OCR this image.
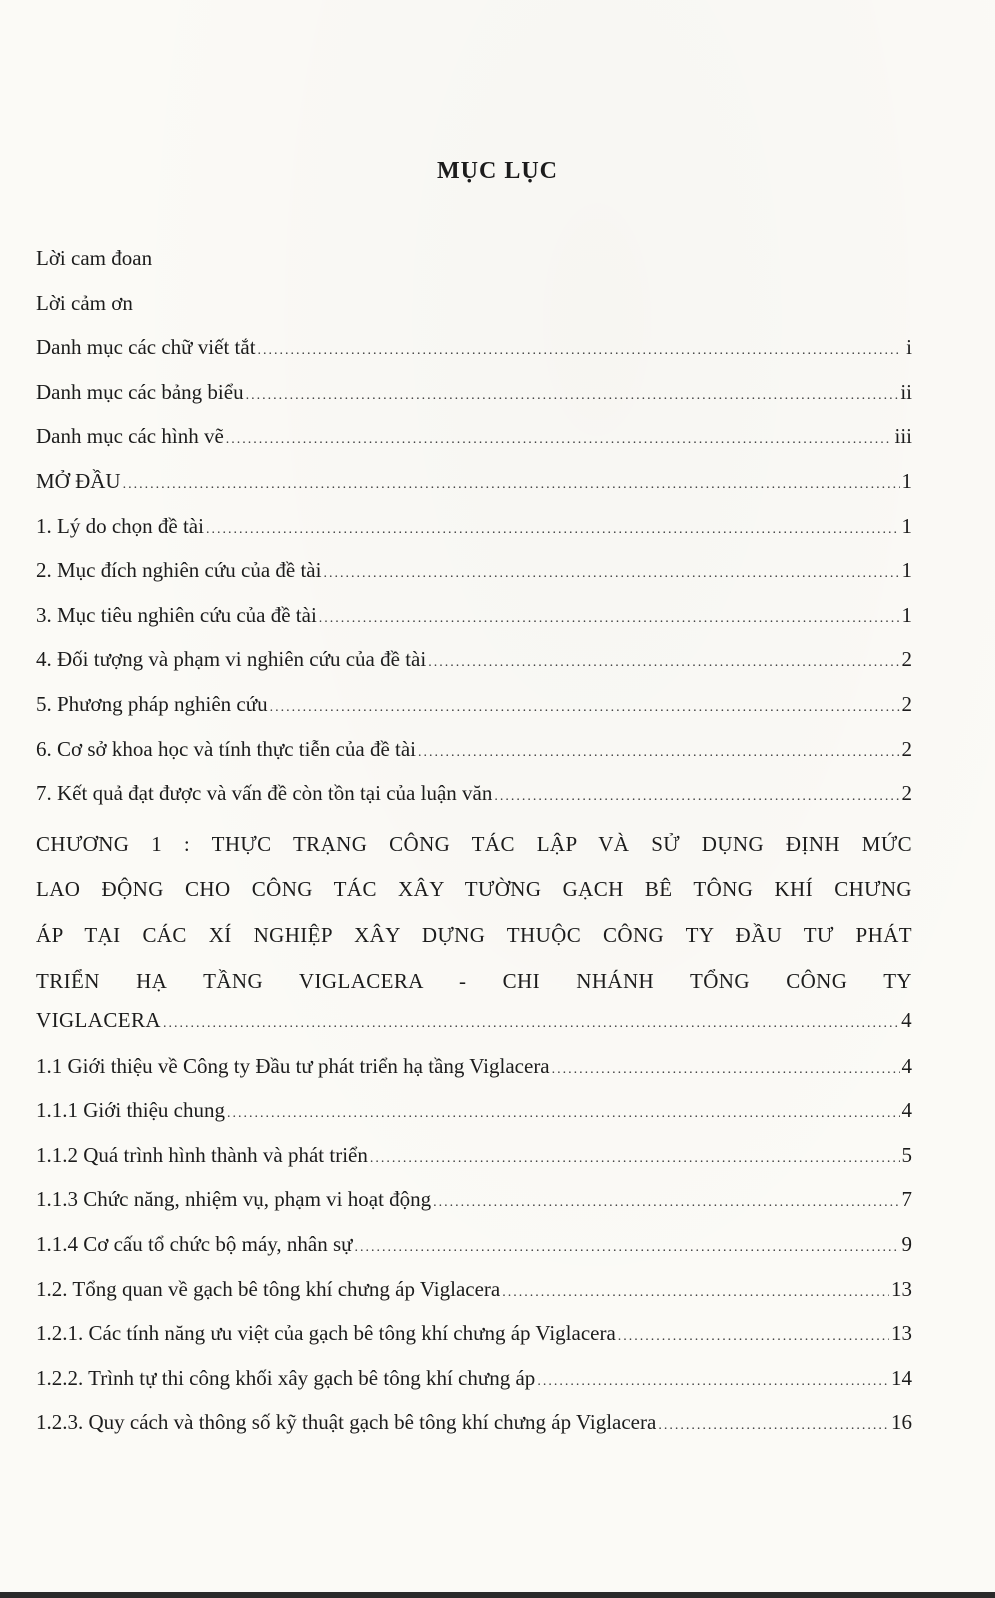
MỤC LỤC
Lời cam đoan
Lời cảm ơn
Danh mục các chữ viết tắt .....	i
Danh mục các bảng biểu .....	ii
Danh mục các hình vẽ .....	iii
MỞ ĐẦU .....	1
1. Lý do chọn đề tài .....	1
2. Mục đích nghiên cứu của đề tài .....	1
3. Mục tiêu nghiên cứu của đề tài .....	1
4. Đối tượng và phạm vi nghiên cứu của đề tài .....	2
5. Phương pháp nghiên cứu .....	2
6. Cơ sở khoa học và tính thực tiễn của đề tài .....	2
7. Kết quả đạt được và vấn đề còn tồn tại của luận văn .....	2
CHƯƠNG 1 : THỰC TRẠNG CÔNG TÁC LẬP VÀ SỬ DỤNG ĐỊNH MỨC
LAO ĐỘNG CHO CÔNG TÁC XÂY TƯỜNG GẠCH BÊ TÔNG KHÍ CHƯNG
ÁP TẠI CÁC XÍ NGHIỆP XÂY DỰNG THUỘC CÔNG TY ĐẦU TƯ PHÁT
TRIỂN HẠ TẦNG VIGLACERA - CHI NHÁNH TỔNG CÔNG TY
VIGLACERA .....	4
1.1 Giới thiệu về Công ty Đầu tư phát triển hạ tầng Viglacera .....	4
1.1.1 Giới thiệu chung .....	4
1.1.2 Quá trình hình thành và phát triển .....	5
1.1.3 Chức năng, nhiệm vụ, phạm vi hoạt động .....	7
1.1.4 Cơ cấu tổ chức bộ máy, nhân sự .....	9
1.2. Tổng quan về gạch bê tông khí chưng áp Viglacera .....	13
1.2.1. Các tính năng ưu việt của gạch bê tông khí chưng áp Viglacera .....	13
1.2.2. Trình tự thi công khối xây gạch bê tông khí chưng áp .....	14
1.2.3. Quy cách và thông số kỹ thuật gạch bê tông khí chưng áp Viglacera .....	16
